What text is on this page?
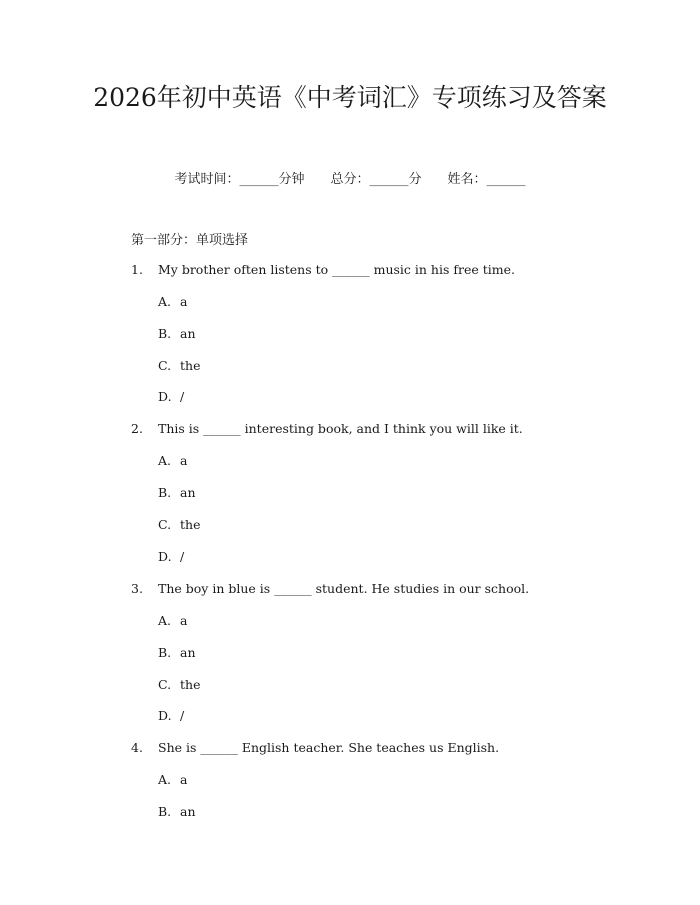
2026年初中英语《中考词汇》专项练习及答案
考试时间：______分钟 总分：______分 姓名：______
第一部分：单项选择
1. My brother often listens to ______ music in his free time.
A. a
B. an
C. the
D. /
2. This is ______ interesting book, and I think you will like it.
A. a
B. an
C. the
D. /
3. The boy in blue is ______ student. He studies in our school.
A. a
B. an
C. the
D. /
4. She is ______ English teacher. She teaches us English.
A. a
B. an
